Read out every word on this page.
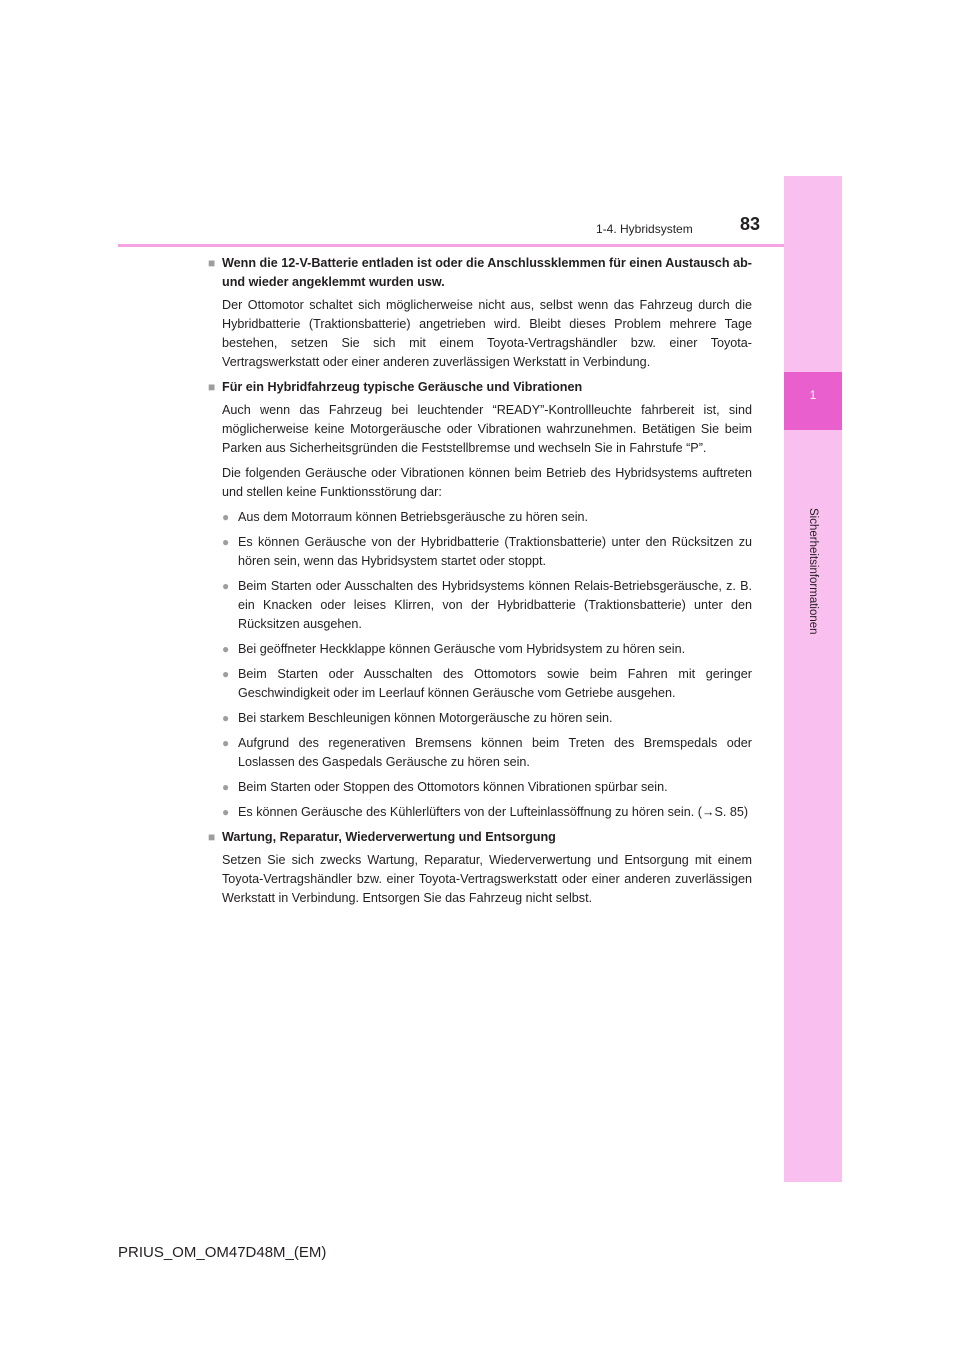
1
Sicherheitsinformationen
1-4. Hybridsystem	83
■ Wenn die 12-V-Batterie entladen ist oder die Anschlussklemmen für einen Austausch ab- und wieder angeklemmt wurden usw.

Der Ottomotor schaltet sich möglicherweise nicht aus, selbst wenn das Fahrzeug durch die Hybridbatterie (Traktionsbatterie) angetrieben wird. Bleibt dieses Problem mehrere Tage bestehen, setzen Sie sich mit einem Toyota-Vertragshändler bzw. einer Toyota-Vertragswerkstatt oder einer anderen zuverlässigen Werkstatt in Verbindung.

■ Für ein Hybridfahrzeug typische Geräusche und Vibrationen

Auch wenn das Fahrzeug bei leuchtender “READY”-Kontrollleuchte fahrbereit ist, sind möglicherweise keine Motorgeräusche oder Vibrationen wahrzunehmen. Betätigen Sie beim Parken aus Sicherheitsgründen die Feststellbremse und wechseln Sie in Fahrstufe “P”.

Die folgenden Geräusche oder Vibrationen können beim Betrieb des Hybridsystems auftreten und stellen keine Funktionsstörung dar:

● Aus dem Motorraum können Betriebsgeräusche zu hören sein.
● Es können Geräusche von der Hybridbatterie (Traktionsbatterie) unter den Rücksitzen zu hören sein, wenn das Hybridsystem startet oder stoppt.
● Beim Starten oder Ausschalten des Hybridsystems können Relais-Betriebsgeräusche, z. B. ein Knacken oder leises Klirren, von der Hybridbatterie (Traktionsbatterie) unter den Rücksitzen ausgehen.
● Bei geöffneter Heckklappe können Geräusche vom Hybridsystem zu hören sein.
● Beim Starten oder Ausschalten des Ottomotors sowie beim Fahren mit geringer Geschwindigkeit oder im Leerlauf können Geräusche vom Getriebe ausgehen.
● Bei starkem Beschleunigen können Motorgeräusche zu hören sein.
● Aufgrund des regenerativen Bremsens können beim Treten des Bremspedals oder Loslassen des Gaspedals Geräusche zu hören sein.
● Beim Starten oder Stoppen des Ottomotors können Vibrationen spürbar sein.
● Es können Geräusche des Kühlerlüfters von der Lufteinlassöffnung zu hören sein. (→S. 85)
■ Wartung, Reparatur, Wiederverwertung und Entsorgung

Setzen Sie sich zwecks Wartung, Reparatur, Wiederverwertung und Entsorgung mit einem Toyota-Vertragshändler bzw. einer Toyota-Vertragswerkstatt oder einer anderen zuverlässigen Werkstatt in Verbindung. Entsorgen Sie das Fahrzeug nicht selbst.

PRIUS_OM_OM47D48M_(EM)
